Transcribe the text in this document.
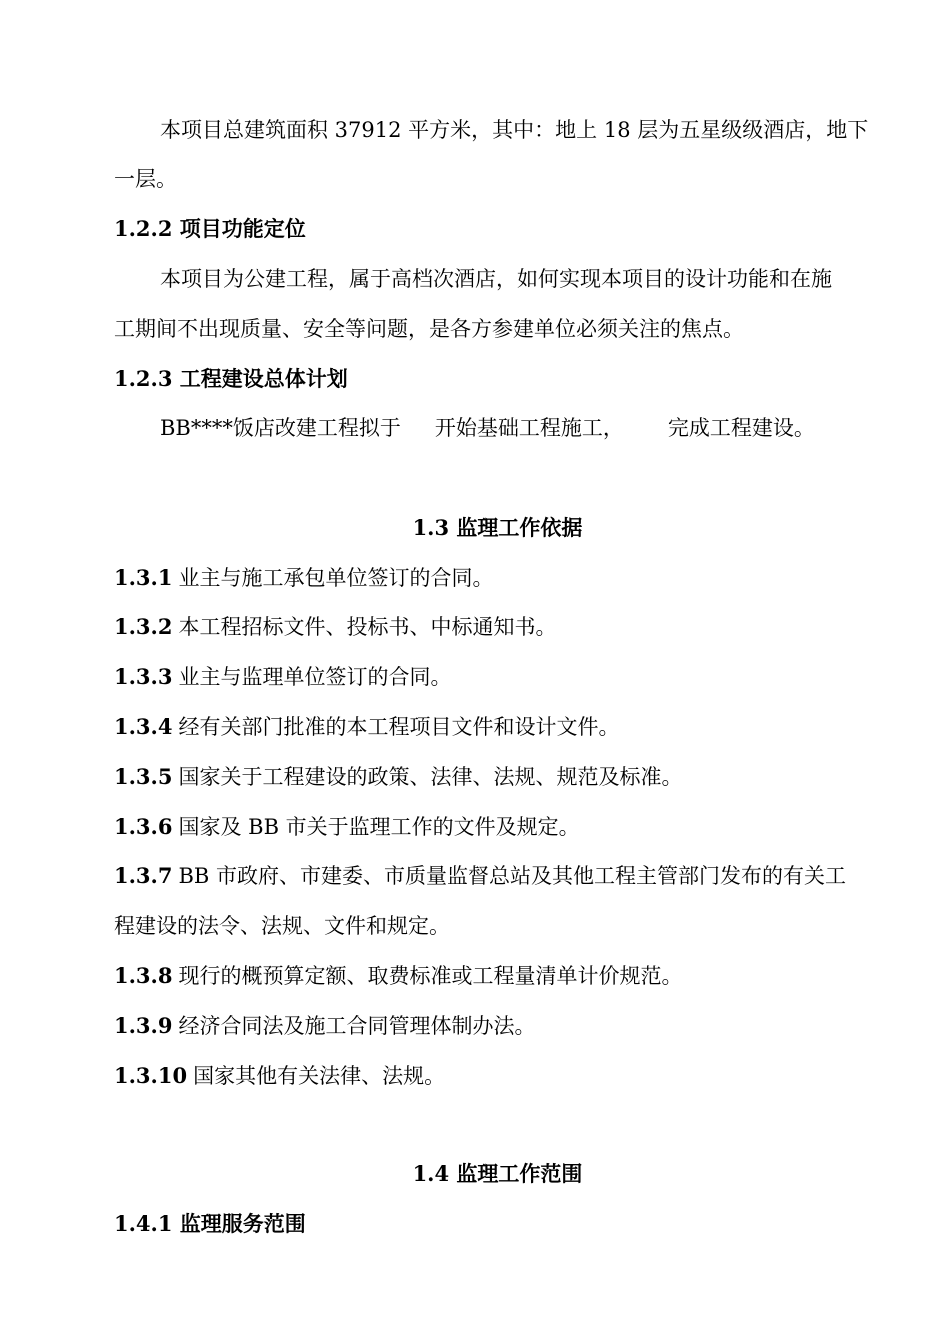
本项目总建筑面积 37912 平方米，其中：地上 18 层为五星级级酒店，地下
一层。
1.2.2 项目功能定位
本项目为公建工程，属于高档次酒店，如何实现本项目的设计功能和在施
工期间不出现质量、安全等问题，是各方参建单位必须关注的焦点。
1.2.3 工程建设总体计划
BB****饭店改建工程拟于 开始基础工程施工， 完成工程建设。
1.3 监理工作依据
1.3.1 业主与施工承包单位签订的合同。
1.3.2 本工程招标文件、投标书、中标通知书。
1.3.3 业主与监理单位签订的合同。
1.3.4 经有关部门批准的本工程项目文件和设计文件。
1.3.5 国家关于工程建设的政策、法律、法规、规范及标准。
1.3.6 国家及 BB 市关于监理工作的文件及规定。
1.3.7 BB 市政府、市建委、市质量监督总站及其他工程主管部门发布的有关工
程建设的法令、法规、文件和规定。
1.3.8 现行的概预算定额、取费标准或工程量清单计价规范。
1.3.9 经济合同法及施工合同管理体制办法。
1.3.10 国家其他有关法律、法规。
1.4 监理工作范围
1.4.1 监理服务范围
